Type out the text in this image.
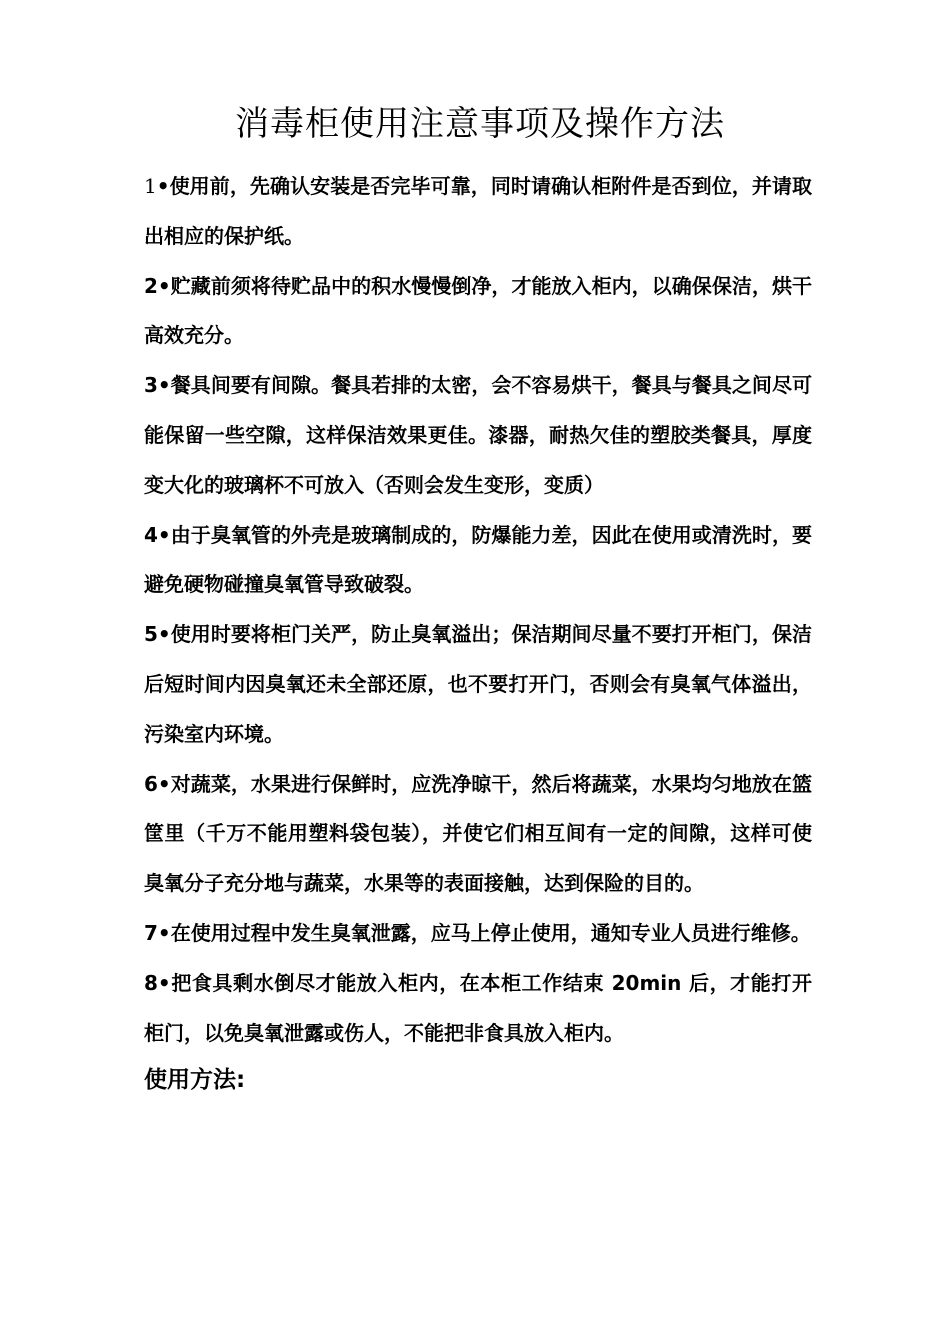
消毒柜使用注意事项及操作方法

1•使用前，先确认安装是否完毕可靠，同时请确认柜附件是否到位，并请取出相应的保护纸。

2•贮藏前须将待贮品中的积水慢慢倒净，才能放入柜内，以确保保洁，烘干高效充分。

3•餐具间要有间隙。餐具若排的太密，会不容易烘干，餐具与餐具之间尽可能保留一些空隙，这样保洁效果更佳。漆器，耐热欠佳的塑胶类餐具，厚度变大化的玻璃杯不可放入（否则会发生变形，变质）

4•由于臭氧管的外壳是玻璃制成的，防爆能力差，因此在使用或清洗时，要避免硬物碰撞臭氧管导致破裂。

5•使用时要将柜门关严，防止臭氧溢出；保洁期间尽量不要打开柜门，保洁后短时间内因臭氧还未全部还原，也不要打开门，否则会有臭氧气体溢出，污染室内环境。

6•对蔬菜，水果进行保鲜时，应洗净晾干，然后将蔬菜，水果均匀地放在篮筐里（千万不能用塑料袋包装），并使它们相互间有一定的间隙，这样可使臭氧分子充分地与蔬菜，水果等的表面接触，达到保险的目的。

7•在使用过程中发生臭氧泄露，应马上停止使用，通知专业人员进行维修。

8•把食具剩水倒尽才能放入柜内，在本柜工作结束 20min 后，才能打开柜门，以免臭氧泄露或伤人，不能把非食具放入柜内。

使用方法:
